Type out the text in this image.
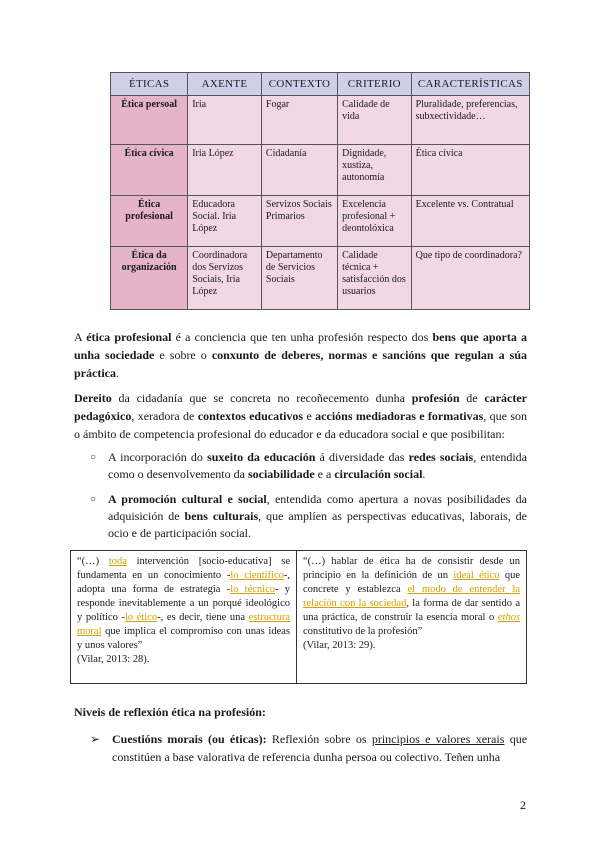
ÉTICAS	AXENTE	CONTEXTO	CRITERIO	CARACTERÍSTICAS
Ética persoal	Iria	Fogar	Calidade de vida	Pluralidade, preferencias, subxectividade…
Ética cívica	Iria López	Cidadanía	Dignidade, xustiza, autonomía	Ética cívica
Ética profesional	Educadora Social. Iria López	Servizos Sociais Primarios	Excelencia profesional + deontolóxica	Excelente vs. Contratual
Ética da organización	Coordinadora dos Servizos Sociais, Iria López	Departamento de Servicios Sociais	Calidade técnica + satisfacción dos usuarios	Que tipo de coordinadora?

A ética profesional é a conciencia que ten unha profesión respecto dos bens que aporta a unha sociedade e sobre o conxunto de deberes, normas e sancións que regulan a súa práctica.

Dereito da cidadanía que se concreta no recoñecemento dunha profesión de carácter pedagóxico, xeradora de contextos educativos e accións mediadoras e formativas, que son o ámbito de competencia profesional do educador e da educadora social e que posibilitan:

○ A incorporación do suxeito da educación á diversidade das redes sociais, entendida como o desenvolvemento da sociabilidade e a circulación social.
○ A promoción cultural e social, entendida como apertura a novas posibilidades da adquisición de bens culturais, que amplíen as perspectivas educativas, laborais, de ocio e de participación social.
“(…) toda intervención [socio-educativa] se fundamenta en un conocimiento -lo científico-, adopta una forma de estrategia -lo técnico- y responde inevitablemente a un porqué ideológico y político -lo ético-, es decir, tiene una estructura moral que implica el compromiso con unas ideas y unos valores”
(Vilar, 2013: 28).
“(…) hablar de ética ha de consistir desde un principio en la definición de un ideal ético que concrete y establezca el modo de entender la relación con la sociedad, la forma de dar sentido a una práctica, de construir la esencia moral o ethos constitutivo de la profesión”
(Vilar, 2013: 29).
Niveis de reflexión ética na profesión:
➢ Cuestións morais (ou éticas): Reflexión sobre os principios e valores xerais que constitúen a base valorativa de referencia dunha persoa ou colectivo. Teñen unha
2
